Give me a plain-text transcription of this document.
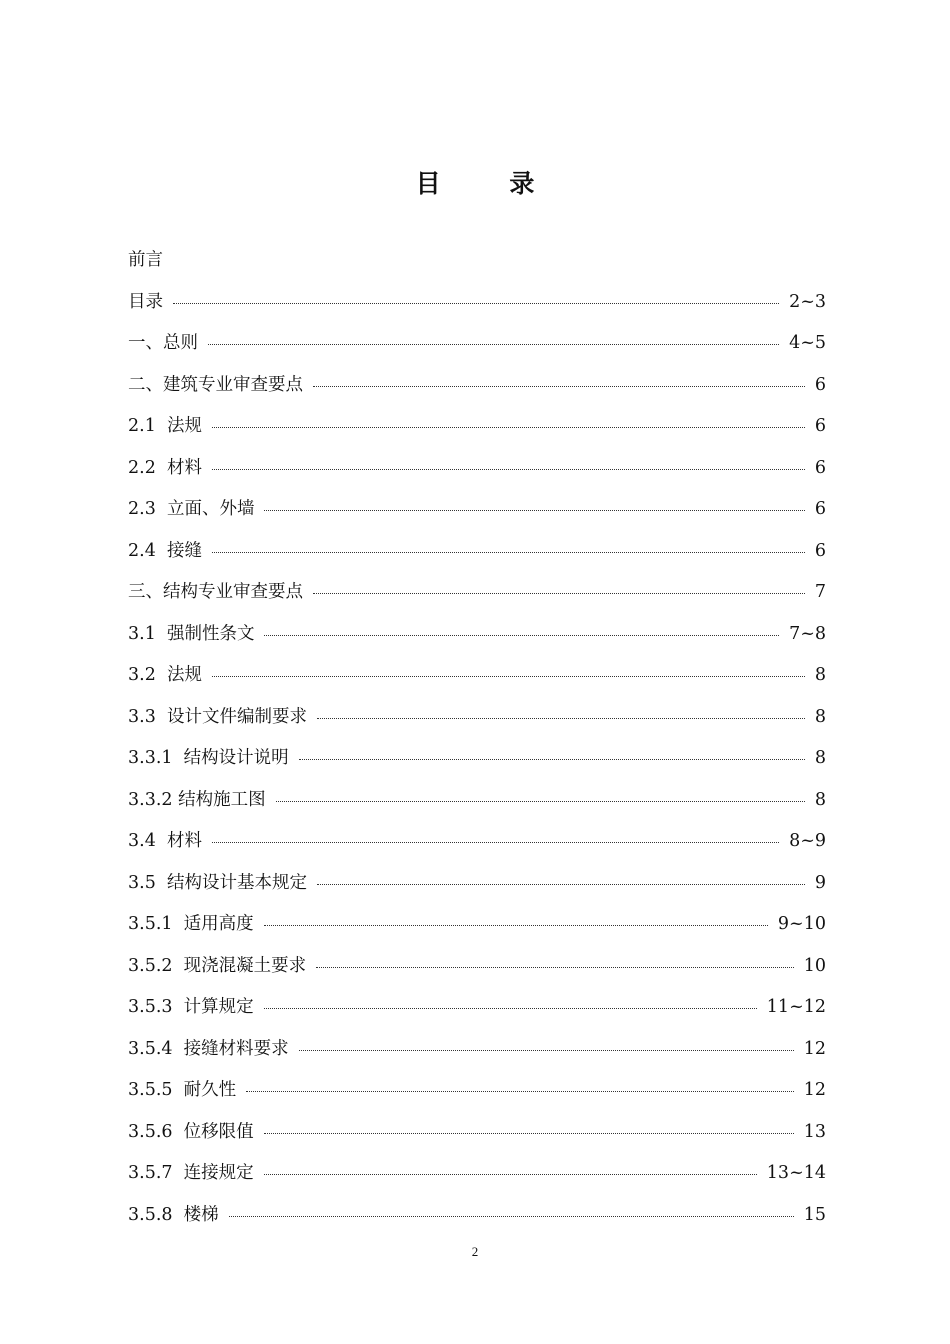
目 录
前言
目录	2~3
一、总则	4~5
二、建筑专业审查要点	6
2.1  法规	6
2.2  材料	6
2.3  立面、外墙	6
2.4  接缝	6
三、结构专业审查要点	7
3.1  强制性条文	7~8
3.2  法规	8
3.3  设计文件编制要求	8
3.3.1  结构设计说明	8
3.3.2 结构施工图	8
3.4  材料	8~9
3.5  结构设计基本规定	9
3.5.1  适用高度	9~10
3.5.2  现浇混凝土要求	10
3.5.3  计算规定	11~12
3.5.4  接缝材料要求	12
3.5.5  耐久性	12
3.5.6  位移限值	13
3.5.7  连接规定	13~14
3.5.8  楼梯	15
2
